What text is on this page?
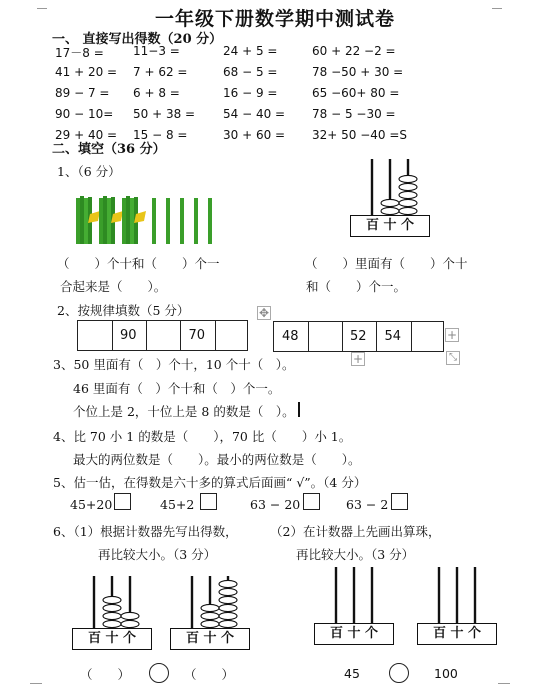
一年级下册数学期中测试卷
一、 直接写出得数（20 分）
17－8 = 11−3 =	24 + 5 =	60 + 22 −2 =
41 + 20 = 7 + 62 =	68 − 5 =	78 −50 + 30 =
89 − 7 = 6 + 8 =	16 − 9 =	65 −60+ 80 =
90 − 10= 50 + 38 = 54 − 40 = 78 − 5 −30 =
29 + 40 = 15 − 8 =	30 + 60 = 32+ 50 −40 =S
二、填空（36 分）
1、（6 分）
百 十 个
（　　）个十和（　　）个一
合起来是（　　）。
（　　）里面有（　　）个十
和（　　）个一。
2、按规律填数（5 分）
90	70	48	52 54
✥
+
+	⤡
3、50 里面有（　）个十，10 个十（　）。
46 里面有（　）个十和（　）个一。
个位上是 2，十位上是 8 的数是（　）。
4、比 70 小 1 的数是（　　），70 比（　　）小 1。
最大的两位数是（　　）。最小的两位数是（　　）。
5、估一估，在得数是六十多的算式后面画“ √”。（4 分）
45+20	45+2	63 − 20	63 − 2
6、（1）根据计数器先写出得数，
再比较大小。（3 分）
（2）在计数器上先画出算珠，
再比较大小。（3 分）
百 十 个	百 十 个	百 十 个	百 十 个
（　　）	（　　）	45	100
